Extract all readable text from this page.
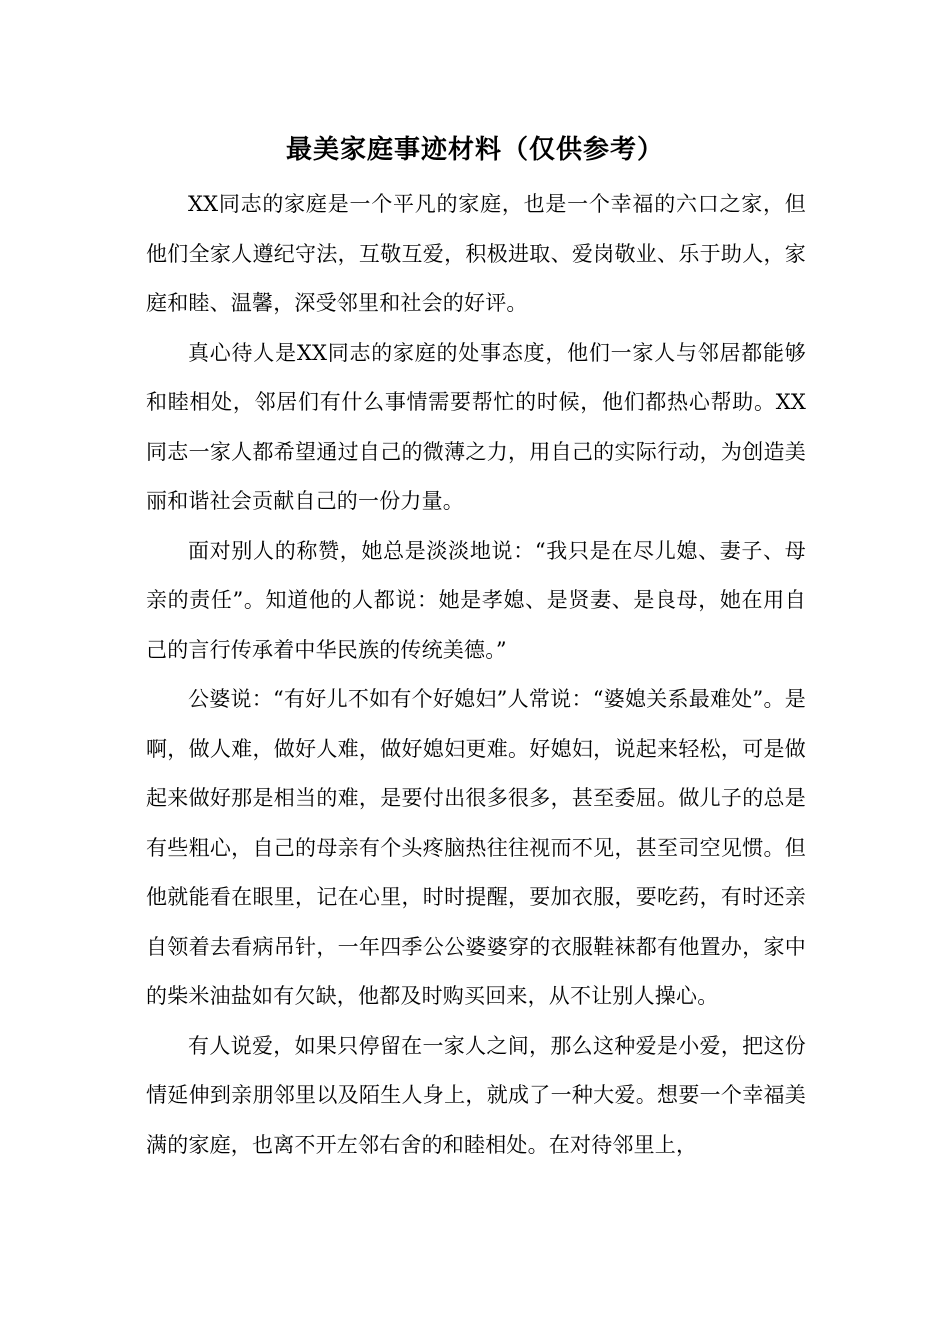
最美家庭事迹材料（仅供参考）

XX同志的家庭是一个平凡的家庭，也是一个幸福的六口之家，但他们全家人遵纪守法，互敬互爱，积极进取、爱岗敬业、乐于助人，家庭和睦、温馨，深受邻里和社会的好评。

真心待人是XX同志的家庭的处事态度，他们一家人与邻居都能够和睦相处，邻居们有什么事情需要帮忙的时候，他们都热心帮助。XX同志一家人都希望通过自己的微薄之力，用自己的实际行动，为创造美丽和谐社会贡献自己的一份力量。

面对别人的称赞，她总是淡淡地说：“我只是在尽儿媳、妻子、母亲的责任”。知道他的人都说：她是孝媳、是贤妻、是良母，她在用自己的言行传承着中华民族的传统美德。”

公婆说：“有好儿不如有个好媳妇”人常说：“婆媳关系最难处”。是啊，做人难，做好人难，做好媳妇更难。好媳妇，说起来轻松，可是做起来做好那是相当的难，是要付出很多很多，甚至委屈。做儿子的总是有些粗心，自己的母亲有个头疼脑热往往视而不见，甚至司空见惯。但他就能看在眼里，记在心里，时时提醒，要加衣服，要吃药，有时还亲自领着去看病吊针，一年四季公公婆婆穿的衣服鞋袜都有他置办，家中的柴米油盐如有欠缺，他都及时购买回来，从不让别人操心。

有人说爱，如果只停留在一家人之间，那么这种爱是小爱，把这份情延伸到亲朋邻里以及陌生人身上，就成了一种大爱。想要一个幸福美满的家庭，也离不开左邻右舍的和睦相处。在对待邻里上，
